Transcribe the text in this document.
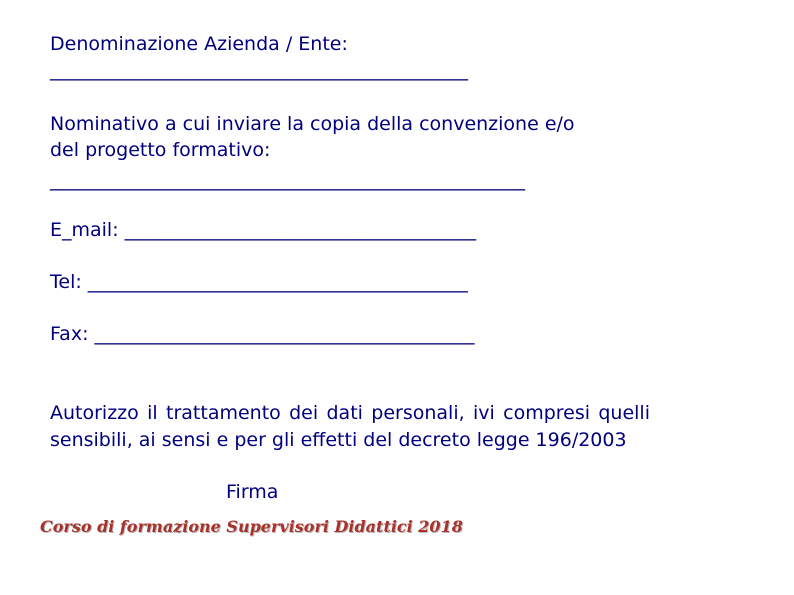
Denominazione Azienda / Ente:

____________________________________________

Nominativo a cui inviare la copia della convenzione e/o

del progetto formativo:

__________________________________________________

E_mail: _____________________________________

Tel: ________________________________________

Fax: ________________________________________

Autorizzo il trattamento dei dati personali, ivi compresi quelli sensibili, ai sensi e per gli effetti del decreto legge 196/2003
Firma
Corso di formazione Supervisori Didattici 2018
